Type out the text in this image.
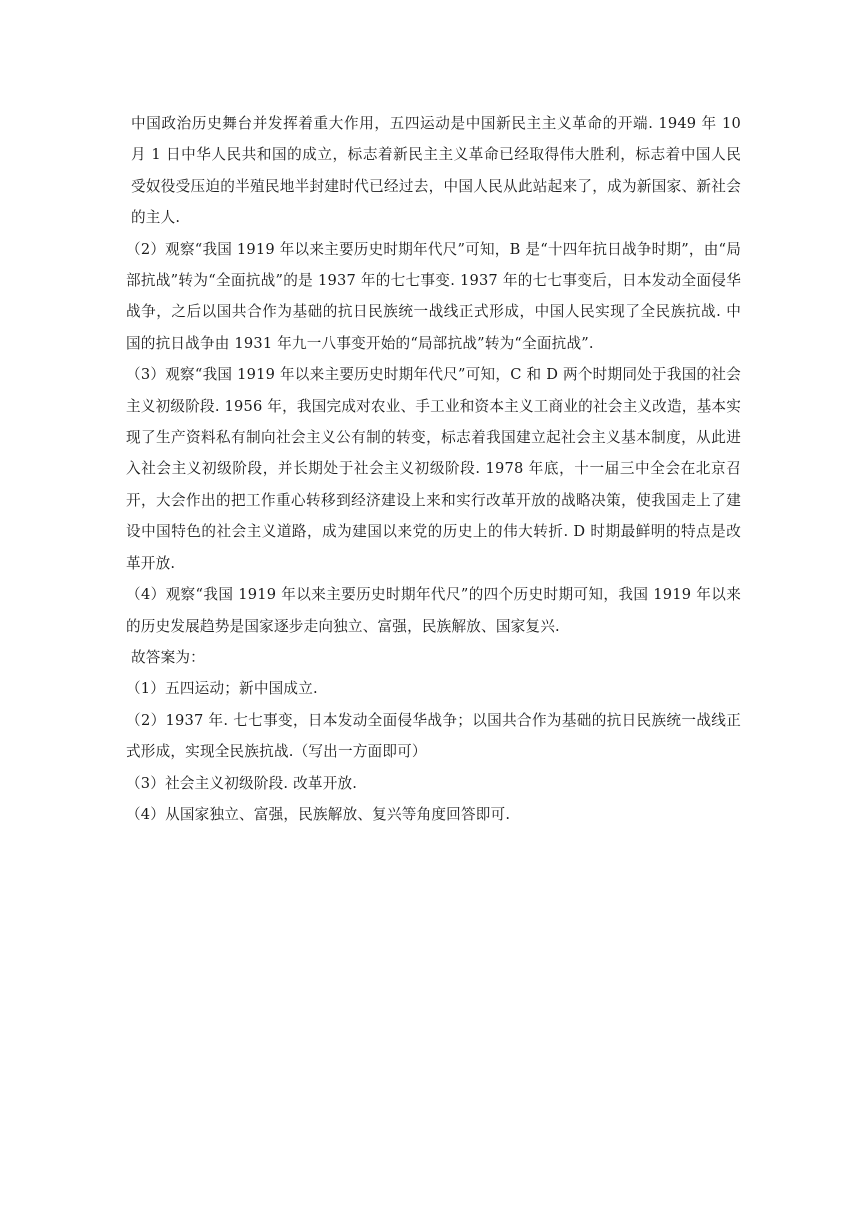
中国政治历史舞台并发挥着重大作用，五四运动是中国新民主主义革命的开端. 1949 年 10 月 1 日中华人民共和国的成立，标志着新民主主义革命已经取得伟大胜利，标志着中国人民受奴役受压迫的半殖民地半封建时代已经过去，中国人民从此站起来了，成为新国家、新社会的主人.

（2）观察“我国 1919 年以来主要历史时期年代尺”可知，B 是“十四年抗日战争时期”，由“局部抗战”转为“全面抗战”的是 1937 年的七七事变. 1937 年的七七事变后，日本发动全面侵华战争，之后以国共合作为基础的抗日民族统一战线正式形成，中国人民实现了全民族抗战. 中国的抗日战争由 1931 年九一八事变开始的“局部抗战”转为“全面抗战”.

（3）观察“我国 1919 年以来主要历史时期年代尺”可知，C 和 D 两个时期同处于我国的社会主义初级阶段. 1956 年，我国完成对农业、手工业和资本主义工商业的社会主义改造，基本实现了生产资料私有制向社会主义公有制的转变，标志着我国建立起社会主义基本制度，从此进入社会主义初级阶段，并长期处于社会主义初级阶段. 1978 年底，十一届三中全会在北京召开，大会作出的把工作重心转移到经济建设上来和实行改革开放的战略决策，使我国走上了建设中国特色的社会主义道路，成为建国以来党的历史上的伟大转折. D 时期最鲜明的特点是改革开放.

（4）观察“我国 1919 年以来主要历史时期年代尺”的四个历史时期可知，我国 1919 年以来的历史发展趋势是国家逐步走向独立、富强，民族解放、国家复兴.

故答案为：

（1）五四运动；新中国成立.

（2）1937 年. 七七事变，日本发动全面侵华战争；以国共合作为基础的抗日民族统一战线正式形成，实现全民族抗战.（写出一方面即可）

（3）社会主义初级阶段. 改革开放.

（4）从国家独立、富强，民族解放、复兴等角度回答即可.
